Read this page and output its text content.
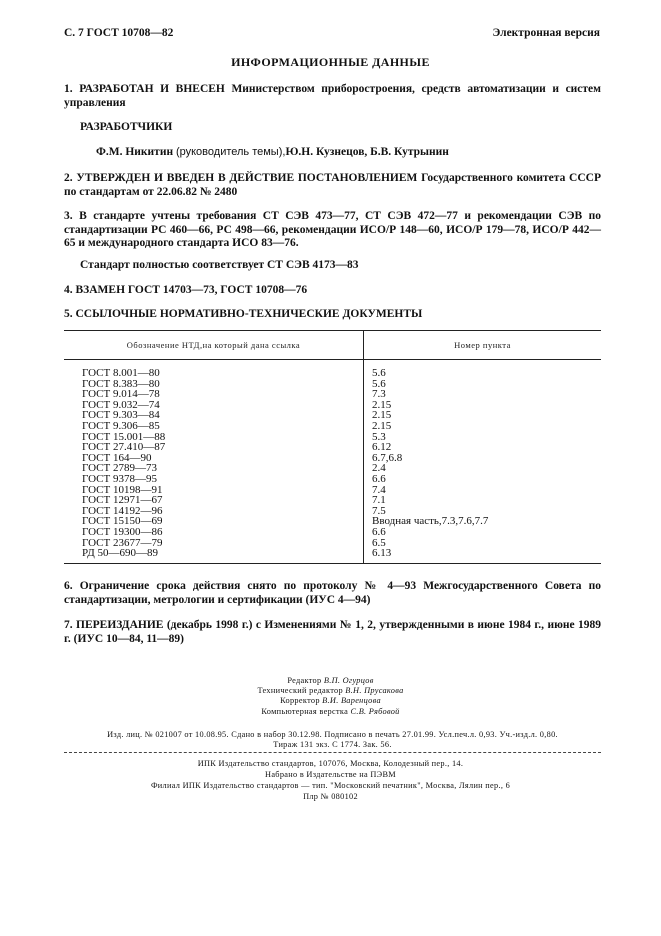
С. 7 ГОСТ 10708—82	Электронная версия
ИНФОРМАЦИОННЫЕ ДАННЫЕ
1. РАЗРАБОТАН И ВНЕСЕН Министерством приборостроения, средств автоматизации и систем управления
РАЗРАБОТЧИКИ
Ф.М. Никитин (руководитель темы),Ю.Н. Кузнецов, Б.В. Кутрынин
2. УТВЕРЖДЕН И ВВЕДЕН В ДЕЙСТВИЕ ПОСТАНОВЛЕНИЕМ Государственного комитета СССР по стандартам от 22.06.82 № 2480
3. В стандарте учтены требования СТ СЭВ 473—77, СТ СЭВ 472—77 и рекомендации СЭВ по стандартизации РС 460—66, РС 498—66, рекомендации ИСО/Р 148—60, ИСО/Р 179—78, ИСО/Р 442—65 и международного стандарта ИСО 83—76.
Стандарт полностью соответствует СТ СЭВ 4173—83
4. ВЗАМЕН ГОСТ 14703—73, ГОСТ 10708—76
5. ССЫЛОЧНЫЕ НОРМАТИВНО-ТЕХНИЧЕСКИЕ ДОКУМЕНТЫ
Обозначение НТД,на который дана ссылка	Номер пункта
ГОСТ 8.001—80	5.6
ГОСТ 8.383—80	5.6
ГОСТ 9.014—78	7.3
ГОСТ 9.032—74	2.15
ГОСТ 9.303—84	2.15
ГОСТ 9.306—85	2.15
ГОСТ 15.001—88	5.3
ГОСТ 27.410—87	6.12
ГОСТ 164—90	6.7,6.8
ГОСТ 2789—73	2.4
ГОСТ 9378—95	6.6
ГОСТ 10198—91	7.4
ГОСТ 12971—67	7.1
ГОСТ 14192—96	7.5
ГОСТ 15150—69	Вводная часть,7.3,7.6,7.7
ГОСТ 19300—86	6.6
ГОСТ 23677—79	6.5
РД 50—690—89	6.13
6. Ограничение срока действия снято по протоколу № 4—93 Межгосударственного Совета по стандартизации, метрологии и сертификации (ИУС 4—94)
7. ПЕРЕИЗДАНИЕ (декабрь 1998 г.) с Изменениями № 1, 2, утвержденными в июне 1984 г., июне 1989 г. (ИУС 10—84, 11—89)
Редактор В.П. Огурцов
Технический редактор В.Н. Прусакова
Корректор В.И. Варенцова
Компьютерная верстка С.В. Рябовой
Изд. лиц. № 021007 от 10.08.95. Сдано в набор 30.12.98. Подписано в печать 27.01.99. Усл.печ.л. 0,93. Уч.-изд.л. 0,80.
Тираж 131 экз. С 1774. Зак. 56.
ИПК Издательство стандартов, 107076, Москва, Колодезный пер., 14.
Набрано в Издательстве на ПЭВМ
Филиал ИПК Издательство стандартов — тип. "Московский печатник", Москва, Лялин пер., 6
Плр № 080102
